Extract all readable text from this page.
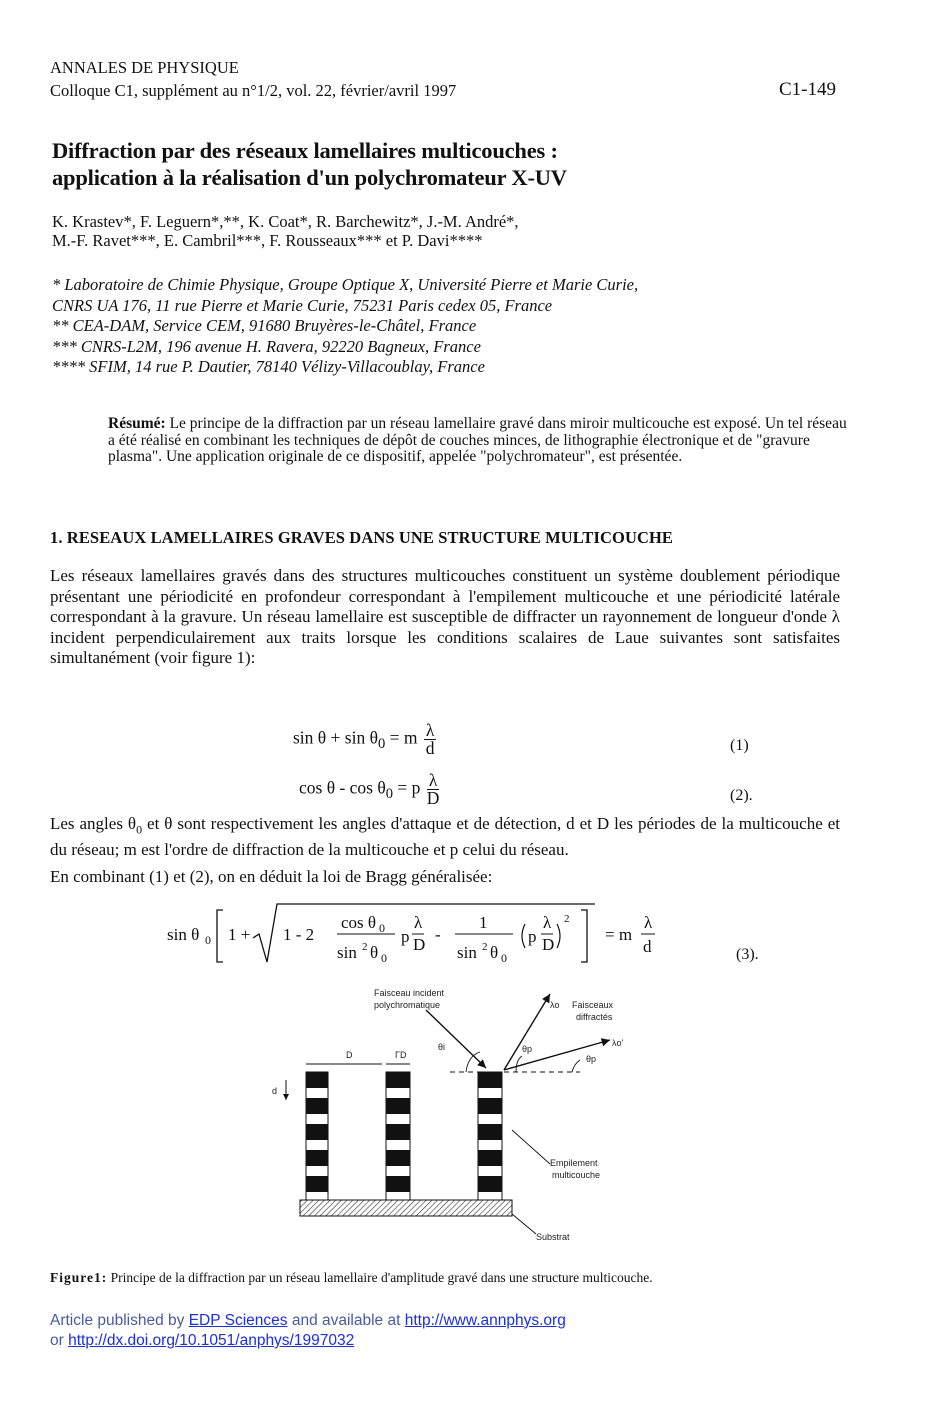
ANNALES DE PHYSIQUE
Colloque C1, supplément au n°1/2, vol. 22, février/avril 1997	C1-149
Diffraction par des réseaux lamellaires multicouches :
application à la réalisation d'un polychromateur X-UV
K. Krastev*, F. Leguern*,**, K. Coat*, R. Barchewitz*, J.-M. André*,
M.-F. Ravet***, E. Cambril***, F. Rousseaux*** et P. Davi****
* Laboratoire de Chimie Physique, Groupe Optique X, Université Pierre et Marie Curie,
CNRS UA 176, 11 rue Pierre et Marie Curie, 75231 Paris cedex 05, France
** CEA-DAM, Service CEM, 91680 Bruyères-le-Châtel, France
*** CNRS-L2M, 196 avenue H. Ravera, 92220 Bagneux, France
**** SFIM, 14 rue P. Dautier, 78140 Vélizy-Villacoublay, France
Résumé: Le principe de la diffraction par un réseau lamellaire gravé dans miroir multicouche est exposé. Un tel réseau a été réalisé en combinant les techniques de dépôt de couches minces, de lithographie électronique et de "gravure plasma". Une application originale de ce dispositif, appelée "polychromateur", est présentée.
1. RESEAUX LAMELLAIRES GRAVES DANS UNE STRUCTURE MULTICOUCHE
Les réseaux lamellaires gravés dans des structures multicouches constituent un système doublement périodique présentant une périodicité en profondeur correspondant à l'empilement multicouche et une périodicité latérale correspondant à la gravure. Un réseau lamellaire est susceptible de diffracter un rayonnement de longueur d'onde λ incident perpendiculairement aux traits lorsque les conditions scalaires de Laue suivantes sont satisfaites simultanément (voir figure 1):
$\sin \theta + \sin \theta_0 = m \frac{\lambda}{d}$	(1)
$\cos \theta - \cos \theta_0 = p \frac{\lambda}{D}$	(2).
Les angles $\theta_0$ et θ sont respectivement les angles d'attaque et de détection, d et D les périodes de la multicouche et du réseau; m est l'ordre de diffraction de la multicouche et p celui du réseau.
En combinant (1) et (2), on en déduit la loi de Bragg généralisée:
sin θ 0 1 + 1 - 2
cos θ 0
sin 2 θ 0
p
λ
D
-
1
sin 2 θ 0
p
λ
D
2
= m
λ
d	(3).
Faisceau incident
polychromatique	Faisceaux
diffractés
λo
λo'
θi	θp
θp
D	ΓD
d
Empilement
multicouche
Substrat
Figure1: Principe de la diffraction par un réseau lamellaire d'amplitude gravé dans une structure multicouche.
Article published by EDP Sciences and available at http://www.annphys.org
or http://dx.doi.org/10.1051/anphys/1997032
